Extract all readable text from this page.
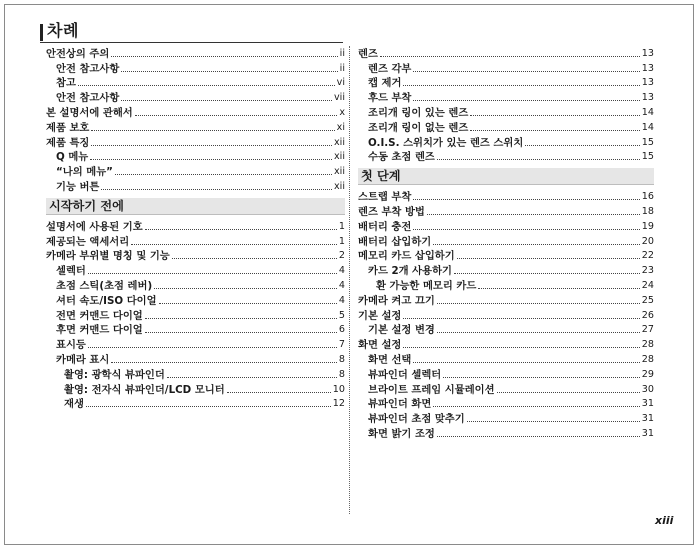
차례
안전상의 주의	ii
안전 참고사항	ii
참고	vi
안전 참고사항	vii
본 설명서에 관해서	x
제품 보호	xi
제품 특징	xii
Q 메뉴	xii
“나의 메뉴”	xii
기능 버튼	xii
시작하기 전에
설명서에 사용된 기호	1
제공되는 액세서리	1
카메라 부위별 명칭 및 기능	2
셀렉터	4
초점 스틱(초점 레버)	4
셔터 속도/ISO 다이얼	4
전면 커맨드 다이얼	5
후면 커맨드 다이얼	6
표시등	7
카메라 표시	8
촬영: 광학식 뷰파인더	8
촬영: 전자식 뷰파인더/LCD 모니터	10
재생	12
렌즈	13
렌즈 각부	13
캡 제거	13
후드 부착	13
조리개 링이 있는 렌즈	14
조리개 링이 없는 렌즈	14
O.I.S. 스위치가 있는 렌즈 스위치	15
수동 초점 렌즈	15
첫 단계
스트랩 부착	16
렌즈 부착 방법	18
배터리 충전	19
배터리 삽입하기	20
메모리 카드 삽입하기	22
카드 2개 사용하기	23
환 가능한 메모리 카드	24
카메라 켜고 끄기	25
기본 설정	26
기본 설정 변경	27
화면 설정	28
화면 선택	28
뷰파인더 셀렉터	29
브라이트 프레임 시뮬레이션	30
뷰파인더 화면	31
뷰파인더 초점 맞추기	31
화면 밝기 조정	31
xiii
